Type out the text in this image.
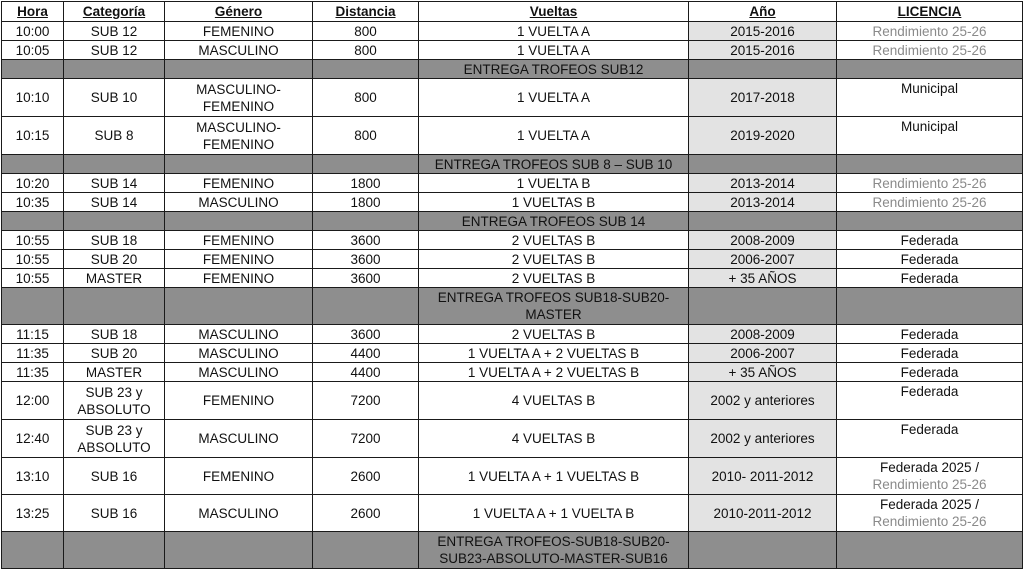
Hora	Categoría	Género	Distancia	Vueltas	Año	LICENCIA
10:00	SUB 12	FEMENINO	800	1 VUELTA A	2015-2016	Rendimiento 25-26
10:05	SUB 12	MASCULINO	800	1 VUELTA A	2015-2016	Rendimiento 25-26
				ENTREGA TROFEOS SUB12		
10:10	SUB 10	MASCULINO-FEMENINO	800	1 VUELTA A	2017-2018	Municipal
10:15	SUB 8	MASCULINO-FEMENINO	800	1 VUELTA A	2019-2020	Municipal
				ENTREGA TROFEOS SUB 8 – SUB 10		
10:20	SUB 14	FEMENINO	1800	1 VUELTA B	2013-2014	Rendimiento 25-26
10:35	SUB 14	MASCULINO	1800	1 VUELTAS B	2013-2014	Rendimiento 25-26
				ENTREGA TROFEOS SUB 14		
10:55	SUB 18	FEMENINO	3600	2 VUELTAS B	2008-2009	Federada
10:55	SUB 20	FEMENINO	3600	2 VUELTAS B	2006-2007	Federada
10:55	MASTER	FEMENINO	3600	2 VUELTAS B	+ 35 AÑOS	Federada
				ENTREGA TROFEOS SUB18-SUB20-MASTER		
11:15	SUB 18	MASCULINO	3600	2 VUELTAS B	2008-2009	Federada
11:35	SUB 20	MASCULINO	4400	1 VUELTA A + 2 VUELTAS B	2006-2007	Federada
11:35	MASTER	MASCULINO	4400	1 VUELTA A + 2 VUELTAS B	+ 35 AÑOS	Federada
12:00	SUB 23 y ABSOLUTO	FEMENINO	7200	4 VUELTAS B	2002 y anteriores	Federada
12:40	SUB 23 y ABSOLUTO	MASCULINO	7200	4 VUELTAS B	2002 y anteriores	Federada
13:10	SUB 16	FEMENINO	2600	1 VUELTA A + 1 VUELTAS B	2010- 2011-2012	Federada 2025 /
Rendimiento 25-26

13:25	SUB 16	MASCULINO	2600	1 VUELTA A + 1 VUELTA B	2010-2011-2012	Federada 2025 /
Rendimiento 25-26

				ENTREGA TROFEOS-SUB18-SUB20-SUB23-ABSOLUTO-MASTER-SUB16		
